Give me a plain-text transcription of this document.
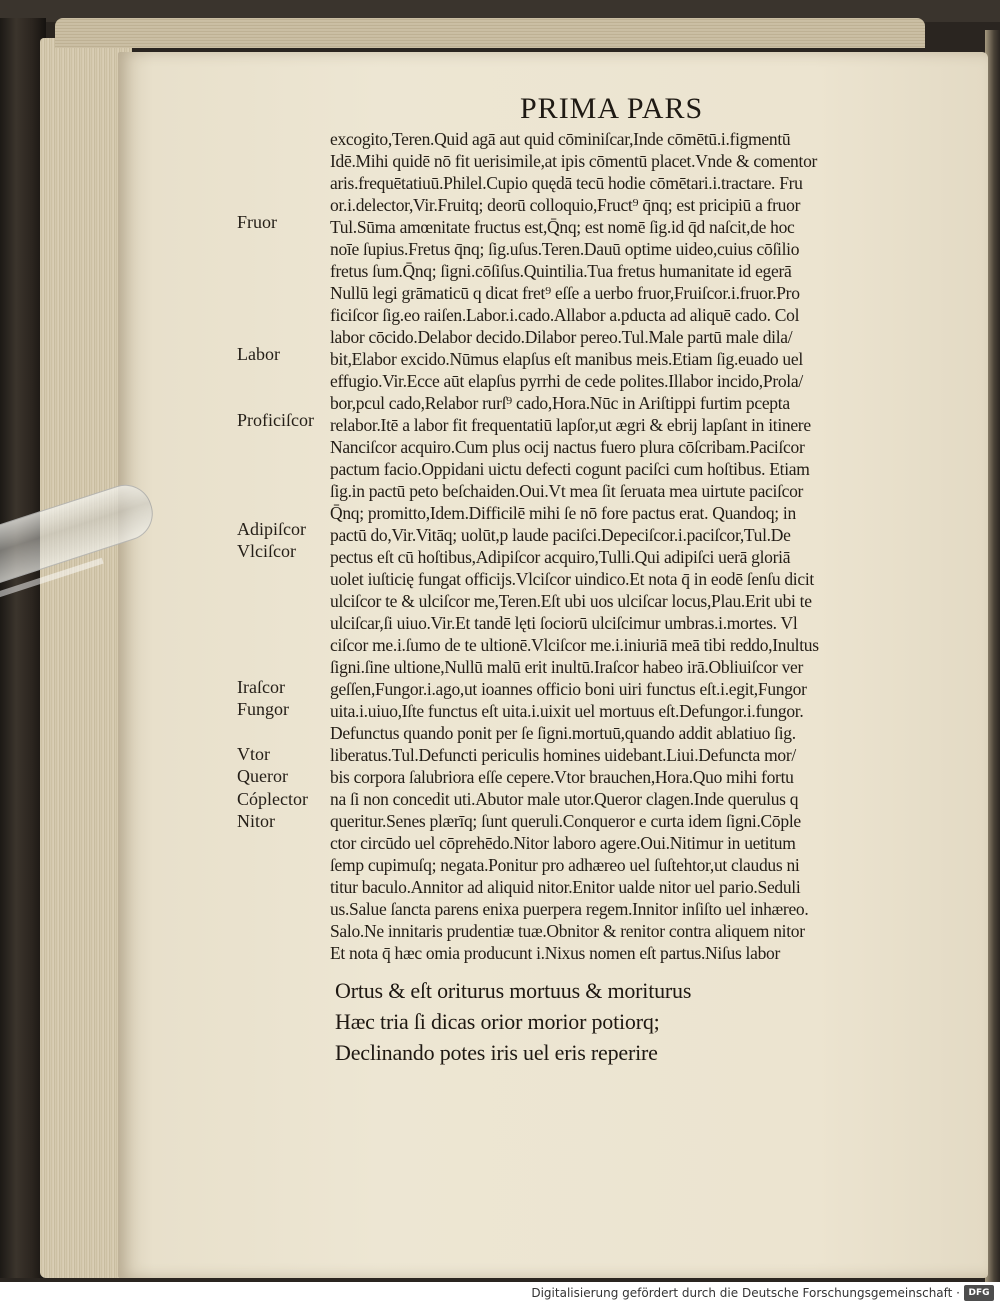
PRIMA PARS
Fruor
Labor
Proficiſcor
Adipiſcor
Vlciſcor
Iraſcor
Fungor
Vtor
Queror
Cóplector
Nitor
excogito,Teren.Quid agā aut quid cōminiſcar,Inde cōmētū.i.figmentū
Idē.Mihi quidē nō fit uerisimile,at ipis cōmentū placet.Vnde & comentor
aris.frequētatiuū.Philel.Cupio quędā tecū hodie cōmētari.i.tractare. Fru
or.i.delector,Vir.Fruitq; deorū colloquio,Fruct⁹ q̄nq; est pricipiū a fruor
Tul.Sūma amœnitate fructus est,Q̄nq; est nomē ſig.id q̄d naſcit,de hoc
noīe ſupius.Fretus q̄nq; ſig.uſus.Teren.Dauū optime uideo,cuius cōſilio
fretus ſum.Q̄nq; ſigni.cōſiſus.Quintilia.Tua fretus humanitate id egerā
Nullū legi grāmaticū q dicat fret⁹ eſſe a uerbo fruor,Fruiſcor.i.fruor.Pro
ficiſcor ſig.eo raiſen.Labor.i.cado.Allabor a.pducta ad aliquē cado. Col
labor cōcido.Delabor decido.Dilabor pereo.Tul.Male partū male dila/
bit,Elabor excido.Nūmus elapſus eſt manibus meis.Etiam ſig.euado uel
effugio.Vir.Ecce aūt elapſus pyrrhi de cede polites.Illabor incido,Prola/
bor,pcul cado,Relabor rurſ⁹ cado,Hora.Nūc in Ariſtippi furtim pcepta
relabor.Itē a labor fit frequentatiū lapſor,ut ægri & ebrij lapſant in itinere
Nanciſcor acquiro.Cum plus ocij nactus fuero plura cōſcribam.Paciſcor
pactum facio.Oppidani uictu defecti cogunt paciſci cum hoſtibus. Etiam
ſig.in pactū peto beſchaiden.Oui.Vt mea ſit ſeruata mea uirtute paciſcor
Q̄nq; promitto,Idem.Difficilē mihi ſe nō fore pactus erat. Quandoq; in
pactū do,Vir.Vitāq; uolūt,p laude paciſci.Depeciſcor.i.paciſcor,Tul.De
pectus eſt cū hoſtibus,Adipiſcor acquiro,Tulli.Qui adipiſci uerā gloriā
uolet iuſticię fungat officijs.Vlciſcor uindico.Et nota q̄ in eodē ſenſu dicit
ulciſcor te & ulciſcor me,Teren.Eſt ubi uos ulciſcar locus,Plau.Erit ubi te
ulciſcar,ſi uiuo.Vir.Et tandē lęti ſociorū ulciſcimur umbras.i.mortes. Vl
ciſcor me.i.ſumo de te ultionē.Vlciſcor me.i.iniuriā meā tibi reddo,Inultus
ſigni.ſine ultione,Nullū malū erit inultū.Iraſcor habeo irā.Obliuiſcor ver
geſſen,Fungor.i.ago,ut ioannes officio boni uiri functus eſt.i.egit,Fungor
uita.i.uiuo,Iſte functus eſt uita.i.uixit uel mortuus eſt.Defungor.i.fungor.
Defunctus quando ponit per ſe ſigni.mortuū,quando addit ablatiuo ſig.
liberatus.Tul.Defuncti periculis homines uidebant.Liui.Defuncta mor/
bis corpora ſalubriora eſſe cepere.Vtor brauchen,Hora.Quo mihi fortu
na ſi non concedit uti.Abutor male utor.Queror clagen.Inde querulus q
queritur.Senes plærīq; ſunt queruli.Conqueror e curta idem ſigni.Cōple
ctor circūdo uel cōprehēdo.Nitor laboro agere.Oui.Nitimur in uetitum
ſemp cupimuſq; negata.Ponitur pro adhæreo uel ſuſtehtor,ut claudus ni
titur baculo.Annitor ad aliquid nitor.Enitor ualde nitor uel pario.Seduli
us.Salue ſancta parens enixa puerpera regem.Innitor inſiſto uel inhæreo.
Salo.Ne innitaris prudentiæ tuæ.Obnitor & renitor contra aliquem nitor
Et nota q̄ hæc omia producunt i.Nixus nomen eſt partus.Niſus labor
Ortus & eſt oriturus mortuus & moriturus
Hæc tria ſi dicas orior morior potiorq;
Declinando potes iris uel eris reperire
Digitalisierung gefördert durch die Deutsche Forschungsgemeinschaft · DFG
